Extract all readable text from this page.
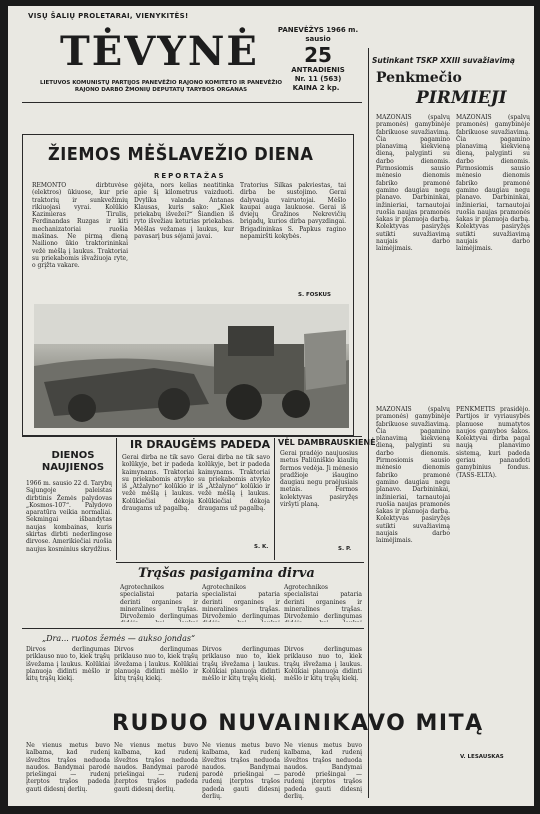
VISŲ ŠALIŲ PROLETARAI, VIENYKITĖS!
TĖVYNĖ
LIETUVOS KOMUNISTŲ PARTIJOS PANEVĖŽIO RAJONO KOMITETO IR PANEVĖŽIO RAJONO DARBO ŽMONIŲ DEPUTATŲ TARYBOS ORGANAS
PANEVĖŽYS 1966 m. sausio
25
ANTRADIENIS
Nr. 11 (563)
KAINA 2 kp.
Sutinkant TSKP XXIII suvažiavimą
Penkmečio
PIRMIEJI
MAŽONAIS (spalvų pramonės) gamybinėje fabrikuose suvažiavimą. Čia pagamino planavimą kiekvieną dieną, palyginti su darbo dienomis. Pirmosiomis sausio mėnesio dienomis fabriko pramonė gamino daugiau negu planavo. Darbininkai, inžinieriai, tarnautojai ruošia naujas pramonės šakas ir planuoja darbą. Kolektyvas pasiryžęs sutikti suvažiavimą naujais darbo laimėjimais.
MAŽONAIS (spalvų pramonės) gamybinėje fabrikuose suvažiavimą. Čia pagamino planavimą kiekvieną dieną, palyginti su darbo dienomis. Pirmosiomis sausio mėnesio dienomis fabriko pramonė gamino daugiau negu planavo. Darbininkai, inžinieriai, tarnautojai ruošia naujas pramonės šakas ir planuoja darbą. Kolektyvas pasiryžęs sutikti suvažiavimą naujais darbo laimėjimais.
PENKMETIS prasidėjo. Partijos ir vyriausybės planuose numatytos naujos gamybos šakos. Kolektyvai dirba pagal naują planavimo sistemą, kuri padeda geriau panaudoti gamybinius fondus. (TASS-ELTA).
MAŽONAIS (spalvų pramonės) gamybinėje fabrikuose suvažiavimą. Čia pagamino planavimą kiekvieną dieną, palyginti su darbo dienomis. Pirmosiomis sausio mėnesio dienomis fabriko pramonė gamino daugiau negu planavo. Darbininkai, inžinieriai, tarnautojai ruošia naujas pramonės šakas ir planuoja darbą. Kolektyvas pasiryžęs sutikti suvažiavimą naujais darbo laimėjimais.
ŽIEMOS MĖŠLAVEŽIO DIENA
REPORTAŽAS
REMONTO dirbtuvėse (elektros) ūkiuose, kur prie traktorių ir sunkvežimių rikiuojasi vyrai. Kolūkio Kazimieras Tirulis, Ferdinandas Ruzgas ir kiti mechanizatoriai ruošia mašinas. Ne pirmą dieną Nailiono ūkio traktorininkai vežė mėšlą į laukus. Traktoriai su priekabomis išvažiuoja ryte, o grįžta vakare.
gėjėta, nors kelias neatitinka apie šį kilometrus vaizduoti. Dvylika valanda Antanas Klausas, kuris sako: „Kiek priekabų išvežei?“ Šiandien iš ryto išvežiau keturias priekabas. Mėšlas vežamas į laukus, kur pavasarį bus sėjami javai.
Tratorius Šilkas pakviestas, tai dirba be sustojimo. Gerai dalyvauja vairuotojai. Mėšlo kaupai auga laukuose. Gerai iš dviejų Gražinos Nekrevičių brigadų, kurios dirba pavyzdingai. Brigadininkas S. Papkus ragino nepamiršti kokybės.
S. FOSKUS
DIENOS NAUJIENOS
1966 m. sausio 22 d. Tarybų Sąjungoje paleistas dirbtinis Žemės palydovas „Kosmos-107“. Palydovo aparatūra veikia normaliai. Sekmingai išbandytas naujas kombainas, kuris skirtas dirbti nederlingose dirvose. Amerikiečiai ruošia naujus kosminius skrydžius.
IR DRAUGĖMS PADEDA
Gerai dirba ne tik savo kolūkyje, bet ir padeda kaimynams. Traktoriai su priekabomis atvyko iš „Atžalyno“ kolūkio ir vežė mėšlą į laukus. Kolūkiečiai dėkoja draugams už pagalbą.
Gerai dirba ne tik savo kolūkyje, bet ir padeda kaimynams. Traktoriai su priekabomis atvyko iš „Atžalyno“ kolūkio ir vežė mėšlą į laukus. Kolūkiečiai dėkoja draugams už pagalbą.
S. K.
VĖL DAMBRAUSKIENĖ
Gerai pradėjo naujuosius metus Paliūniškio kiaulių fermos vedėja. Ji mėnesio pradžioje išaugino daugiau negu praėjusiais metais. Fermos kolektyvas pasiryžęs viršyti planą.
S. P.
Trąšas pasigamina dirva
Agrotechnikos specialistai pataria derinti organines ir mineralines trąšas. Dirvožemio derlingumas
Agrotechnikos specialistai pataria derinti organines ir mineralines trąšas. Dirvožemio derlingumas
Agrotechnikos specialistai pataria derinti organines ir mineralines trąšas. Dirvožemio derlingumas
„Dra... ruotos žemės — aukso jondas“
Dirvos derlingumas priklauso nuo to, kiek trąšų išvežama į laukus. Kolūkiai planuoja didinti mėšlo ir kitų trąšų kiekį.
Dirvos derlingumas priklauso nuo to, kiek trąšų išvežama į laukus. Kolūkiai planuoja didinti mėšlo ir kitų trąšų kiekį.
Dirvos derlingumas priklauso nuo to, kiek trąšų išvežama į laukus. Kolūkiai planuoja didinti mėšlo ir kitų trąšų kiekį.
Dirvos derlingumas priklauso nuo to, kiek trąšų išvežama į laukus. Kolūkiai planuoja didinti mėšlo ir kitų trąšų kiekį.
RUDUO NUVAINIKAVO MITĄ
Ne vienus metus buvo kalbama, kad rudenį išvežtos trąšos neduoda naudos. Bandymai parodė priešingai — rudenį įterptos trąšos padeda gauti didesnį derlių.
Ne vienus metus buvo kalbama, kad rudenį išvežtos trąšos neduoda naudos. Bandymai parodė priešingai — rudenį įterptos trąšos padeda gauti didesnį derlių.
Ne vienus metus buvo kalbama, kad rudenį išvežtos trąšos neduoda naudos. Bandymai parodė priešingai — rudenį įterptos trąšos padeda gauti didesnį derlių.
Ne vienus metus buvo kalbama, kad rudenį išvežtos trąšos neduoda naudos. Bandymai parodė priešingai — rudenį įterptos trąšos padeda gauti didesnį derlių.
V. LESAUSKAS
